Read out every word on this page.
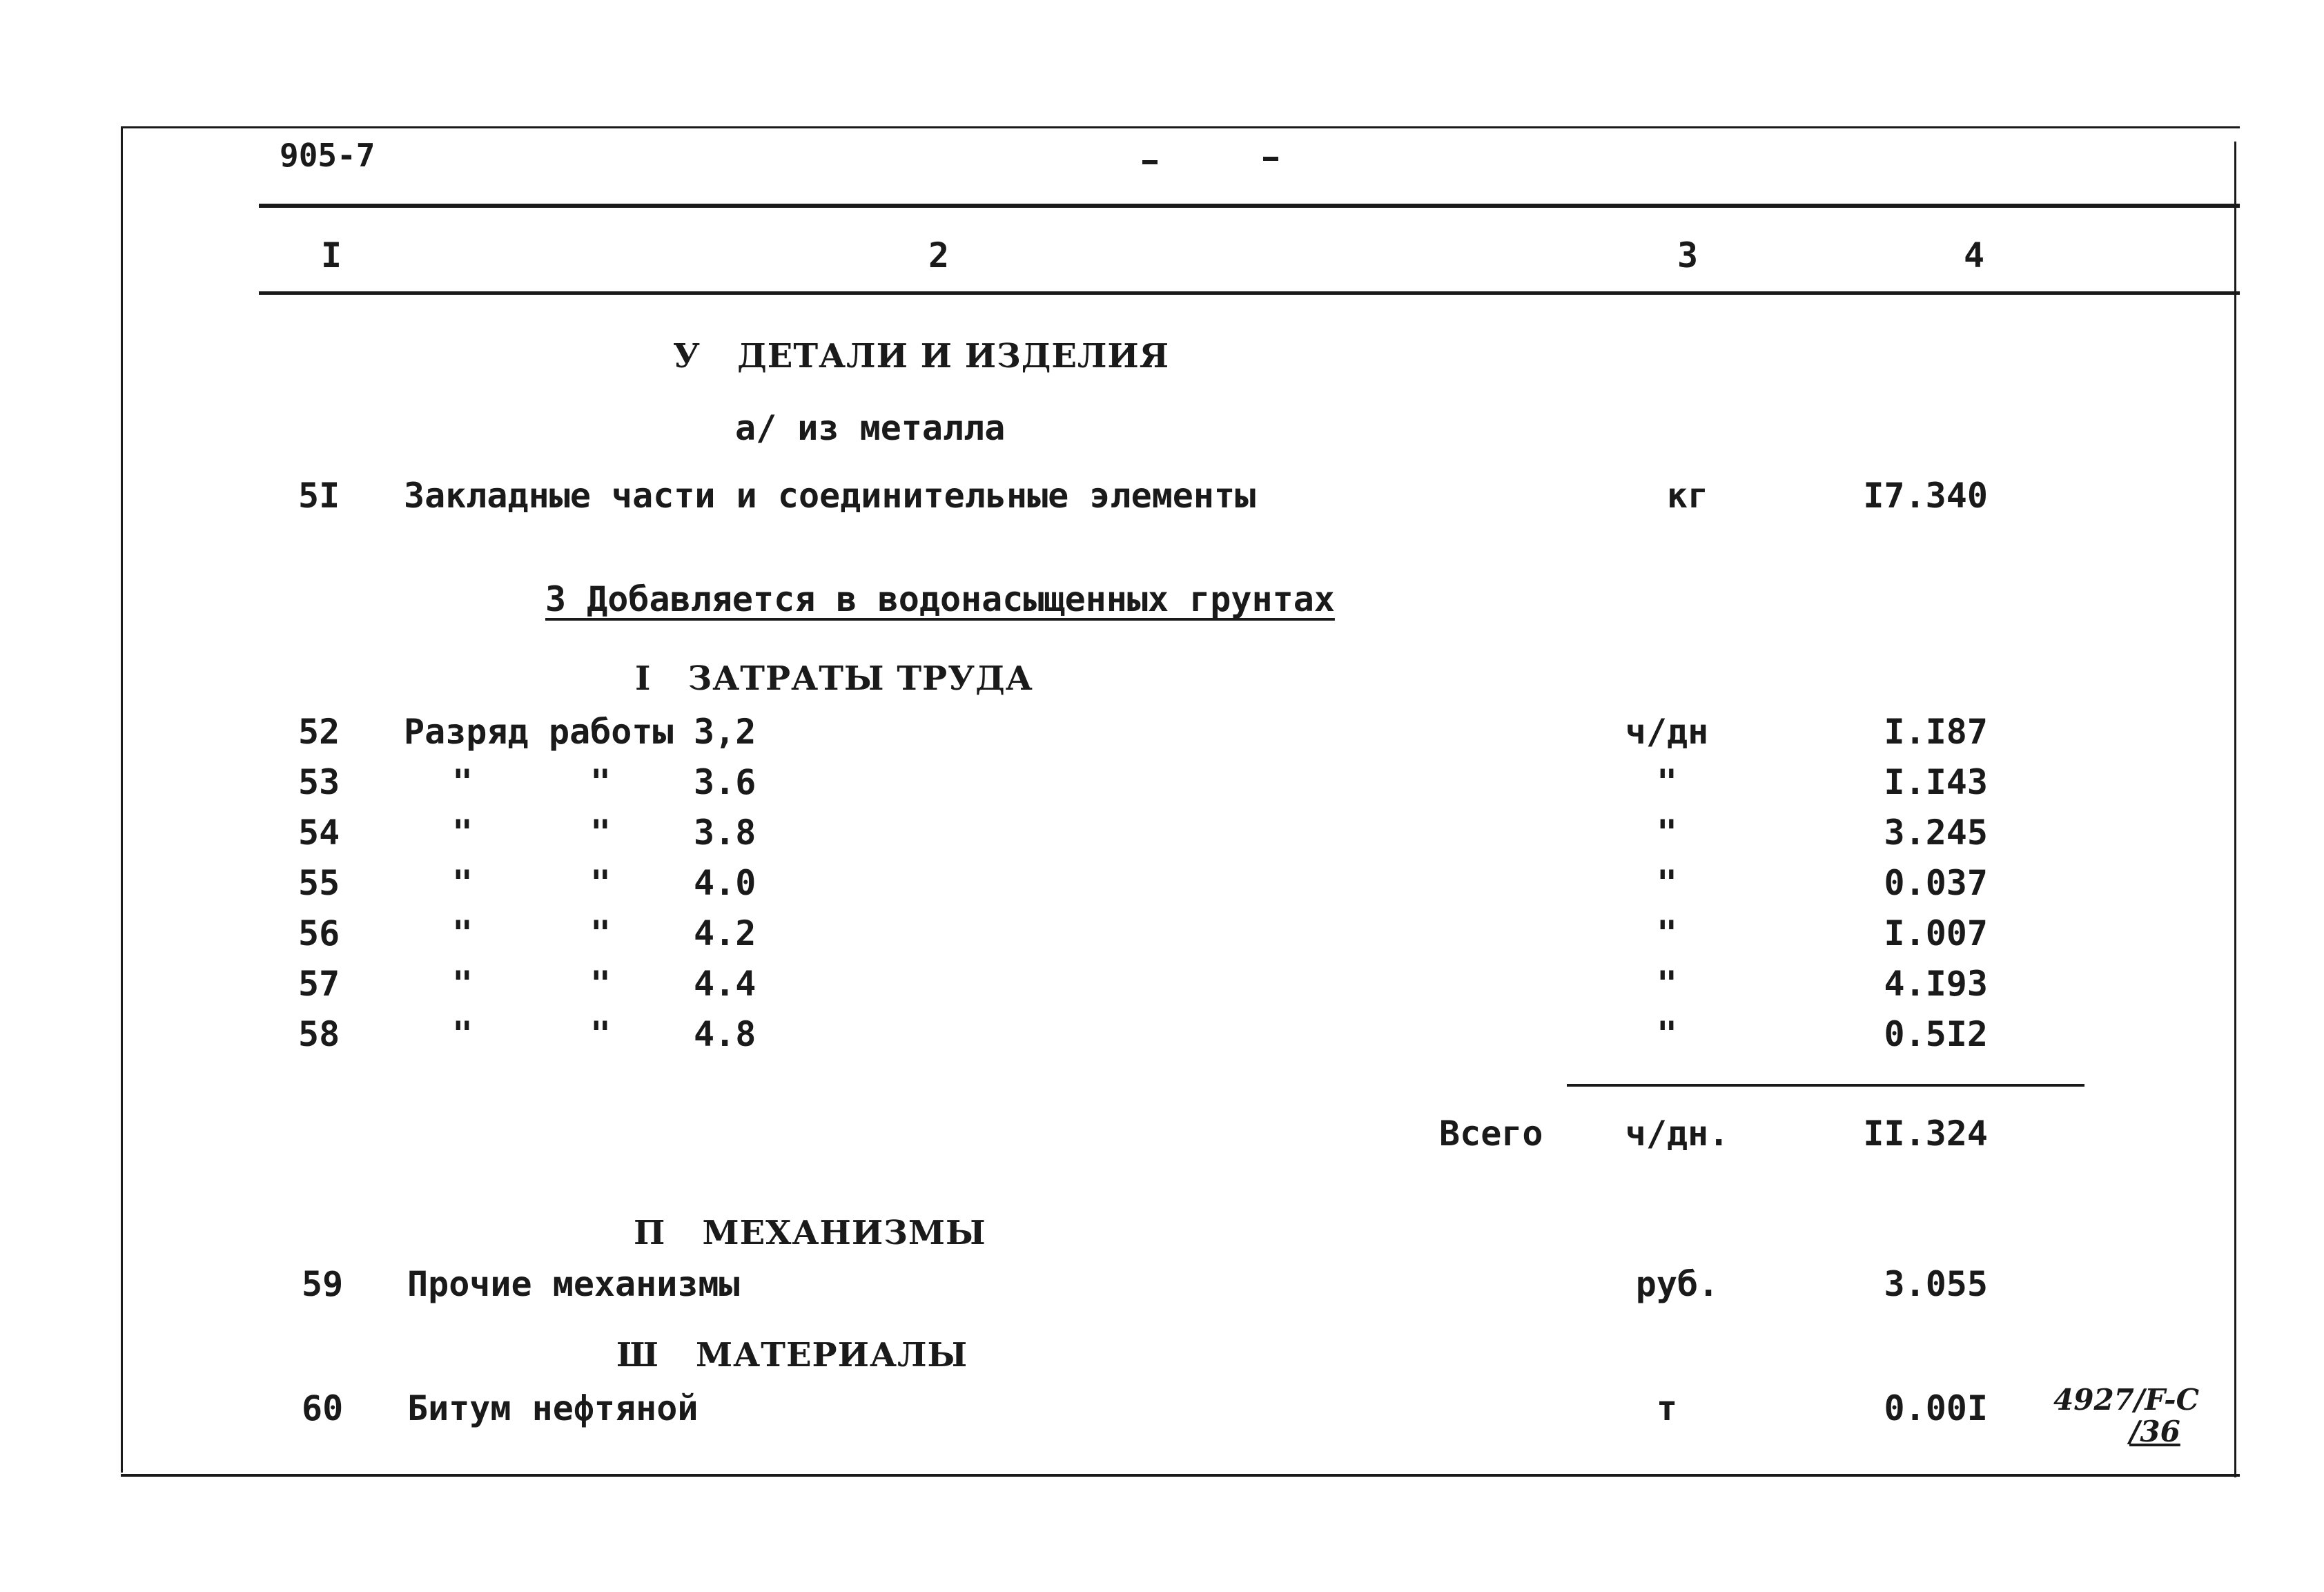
905-7
I	2	3	4
У   ДЕТАЛИ И ИЗДЕЛИЯ
а/ из металла
5I Закладные части и соединительные элементы	кг	I7.340
3 Добавляется в водонасыщенных грунтах
I   ЗАТРАТЫ ТРУДА
52 Разряд работы 3,2	ч/дн	I.I87
53	"	" 3.6	"	I.I43
54	"	" 3.8	"	3.245
55	"	" 4.0	"	0.037
56	"	" 4.2	"	I.007
57	"	" 4.4	"	4.I93
58	"	" 4.8	"	0.5I2
Всего	ч/дн.	II.324
П   МЕХАНИЗМЫ
59 Прочие механизмы	руб.	3.055
Ш   МАТЕРИАЛЫ
60 Битум нефтяной	т	0.00I 4927/F-C
/36
